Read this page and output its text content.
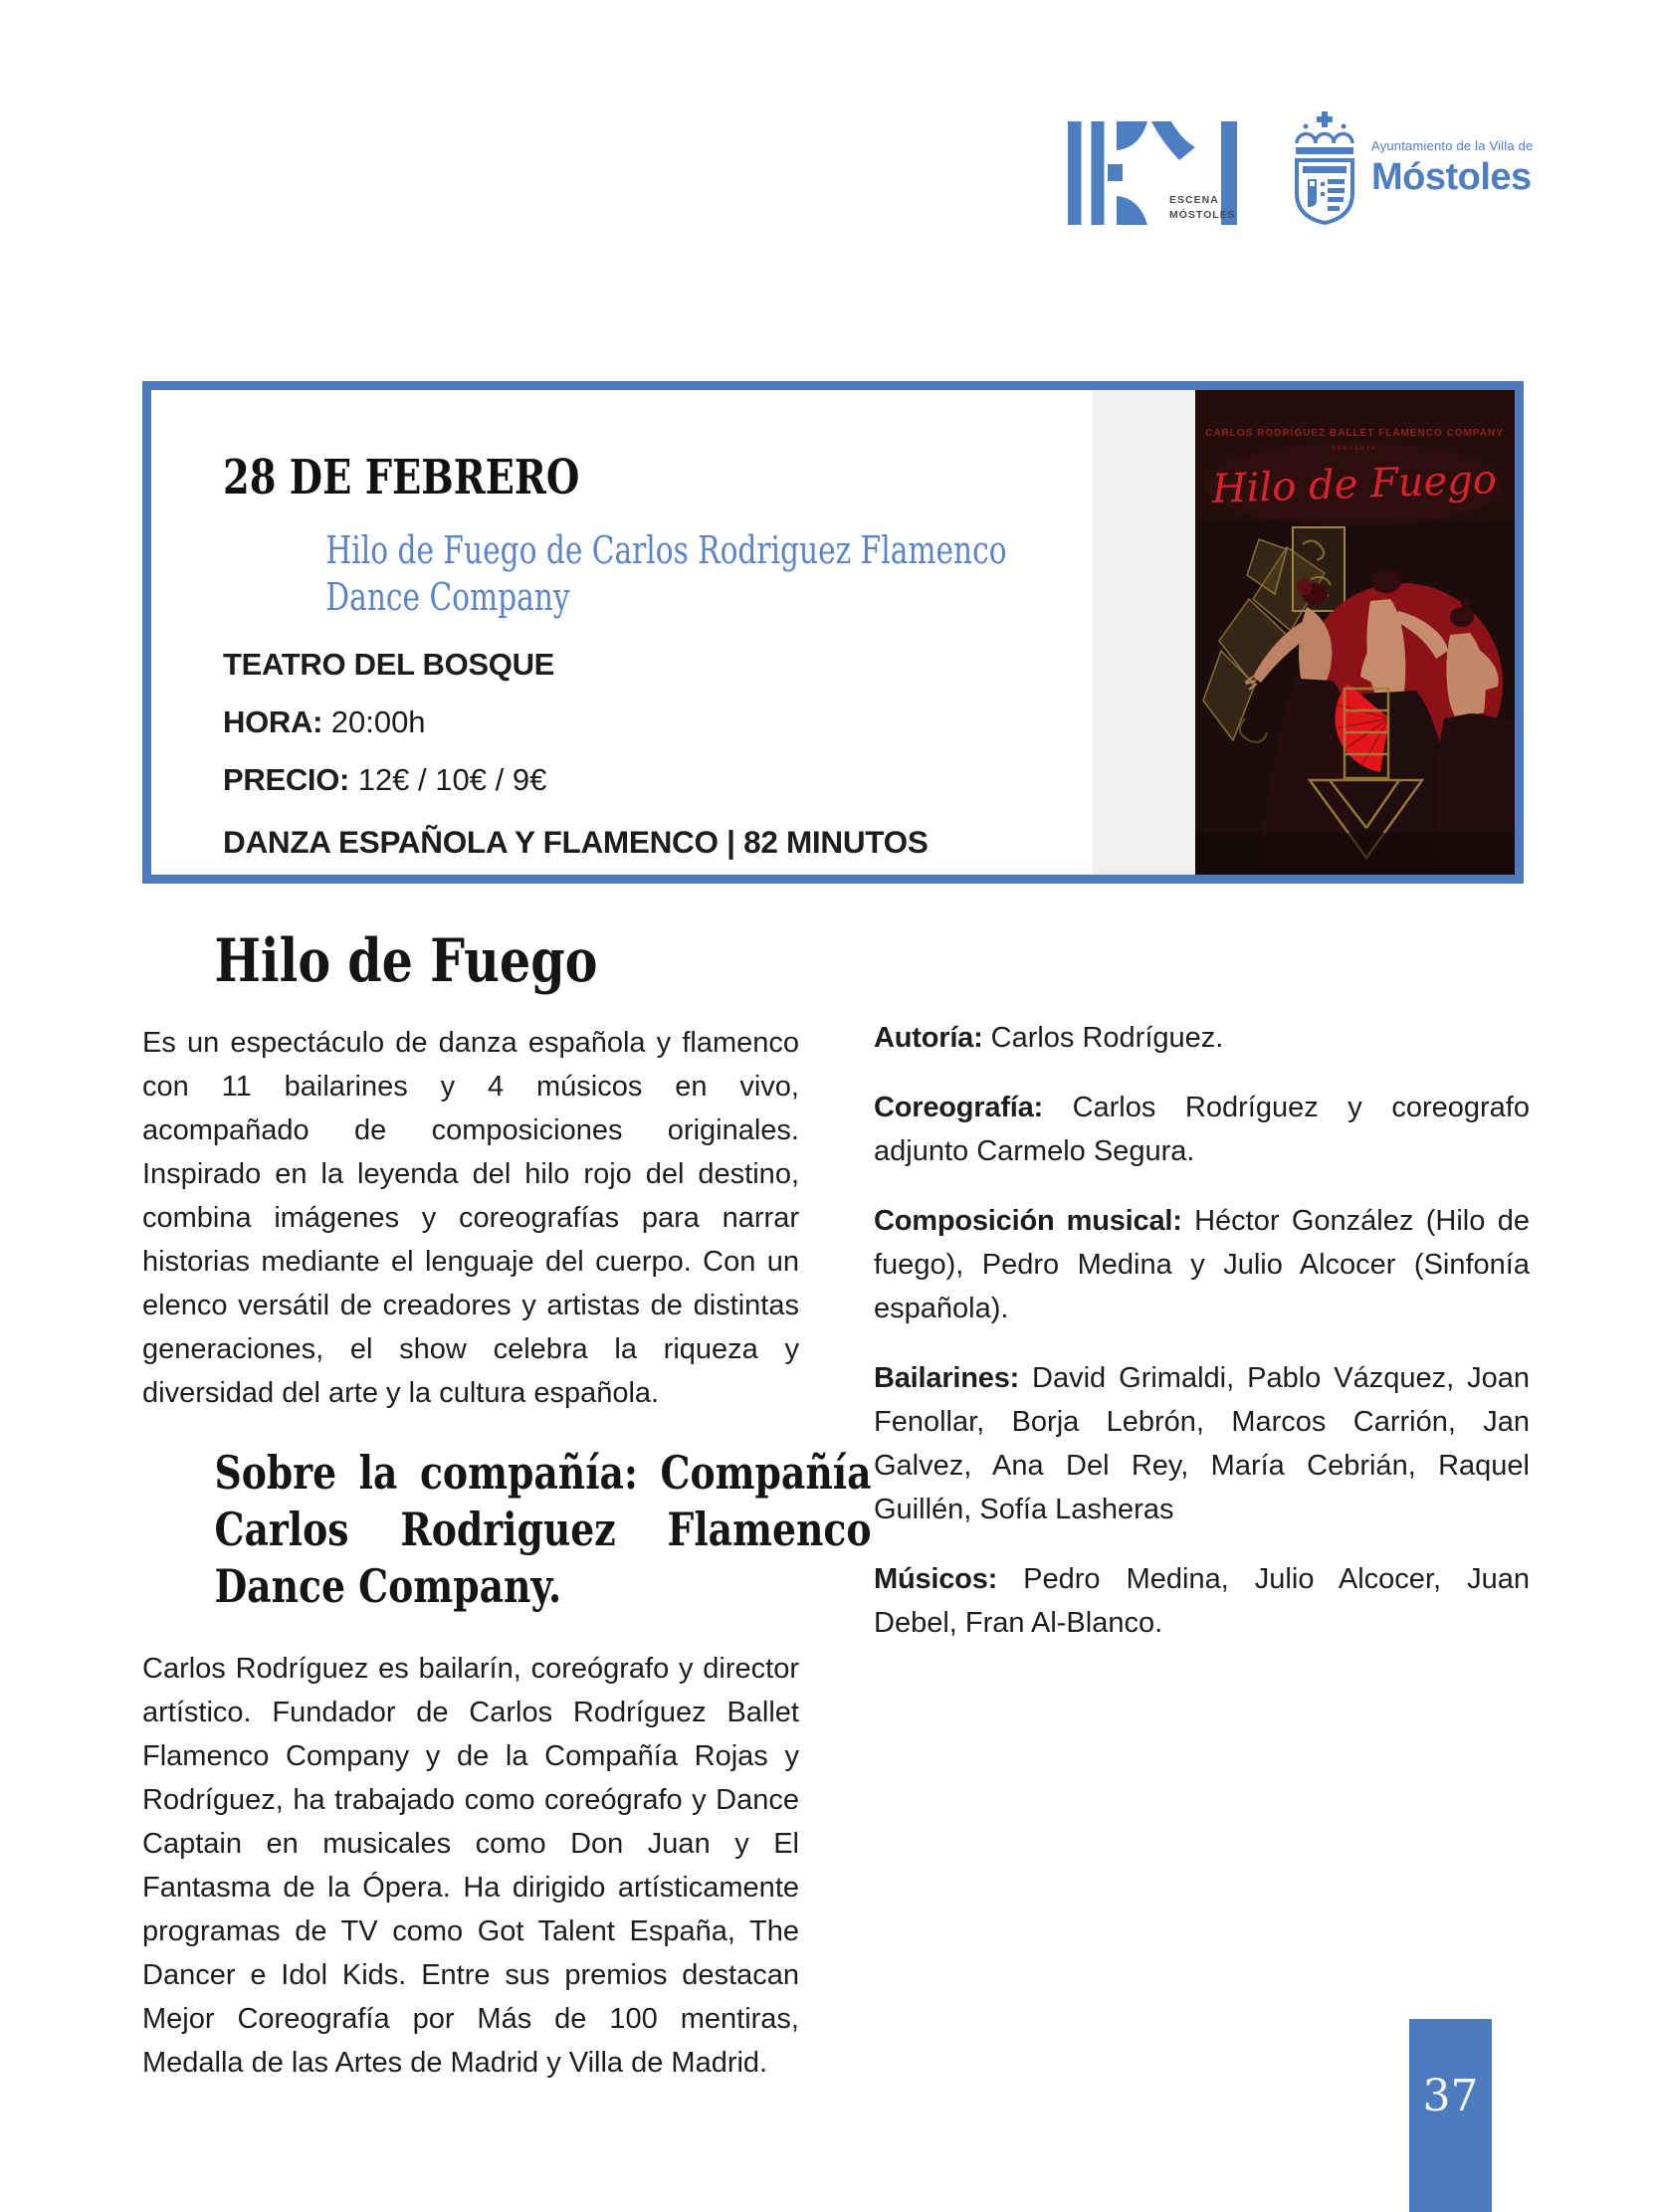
ESCENA
MÓSTOLES
Ayuntamiento de la Villa de
Móstoles
CARLOS RODRÍGUEZ BALLET FLAMENCO COMPANY
PRESENTA
Hilo de Fuego
28 DE FEBRERO
Hilo de Fuego de Carlos Rodriguez Flamenco
Dance Company
TEATRO DEL BOSQUE
HORA: 20:00h
PRECIO: 12€ / 10€ / 9€
DANZA ESPAÑOLA Y FLAMENCO | 82 MINUTOS
Hilo de Fuego

Es un espectáculo de danza española y flamenco con 11 bailarines y 4 músicos en vivo, acompañado de composiciones originales. Inspirado en la leyenda del hilo rojo del destino, combina imágenes y coreografías para narrar historias mediante el lenguaje del cuerpo. Con un elenco versátil de creadores y artistas de distintas generaciones, el show celebra la riqueza y diversidad del arte y la cultura española.

Sobre la compañía: Compañía Carlos Rodriguez Flamenco Dance Company.

Carlos Rodríguez es bailarín, coreógrafo y director artístico. Fundador de Carlos Rodríguez Ballet Flamenco Company y de la Compañía Rojas y Rodríguez, ha trabajado como coreógrafo y Dance Captain en musicales como Don Juan y El Fantasma de la Ópera. Ha dirigido artísticamente programas de TV como Got Talent España, The Dancer e Idol Kids. Entre sus premios destacan Mejor Coreografía por Más de 100 mentiras, Medalla de las Artes de Madrid y Villa de Madrid.

Autoría: Carlos Rodríguez.

Coreografía: Carlos Rodríguez y coreografo adjunto Carmelo Segura.

Composición musical: Héctor González (Hilo de fuego), Pedro Medina y Julio Alcocer (Sinfonía española).

Bailarines: David Grimaldi, Pablo Vázquez, Joan Fenollar, Borja Lebrón, Marcos Carrión, Jan Galvez, Ana Del Rey, María Cebrián, Raquel Guillén, Sofía Lasheras

Músicos: Pedro Medina, Julio Alcocer, Juan Debel, Fran Al-Blanco.

37
